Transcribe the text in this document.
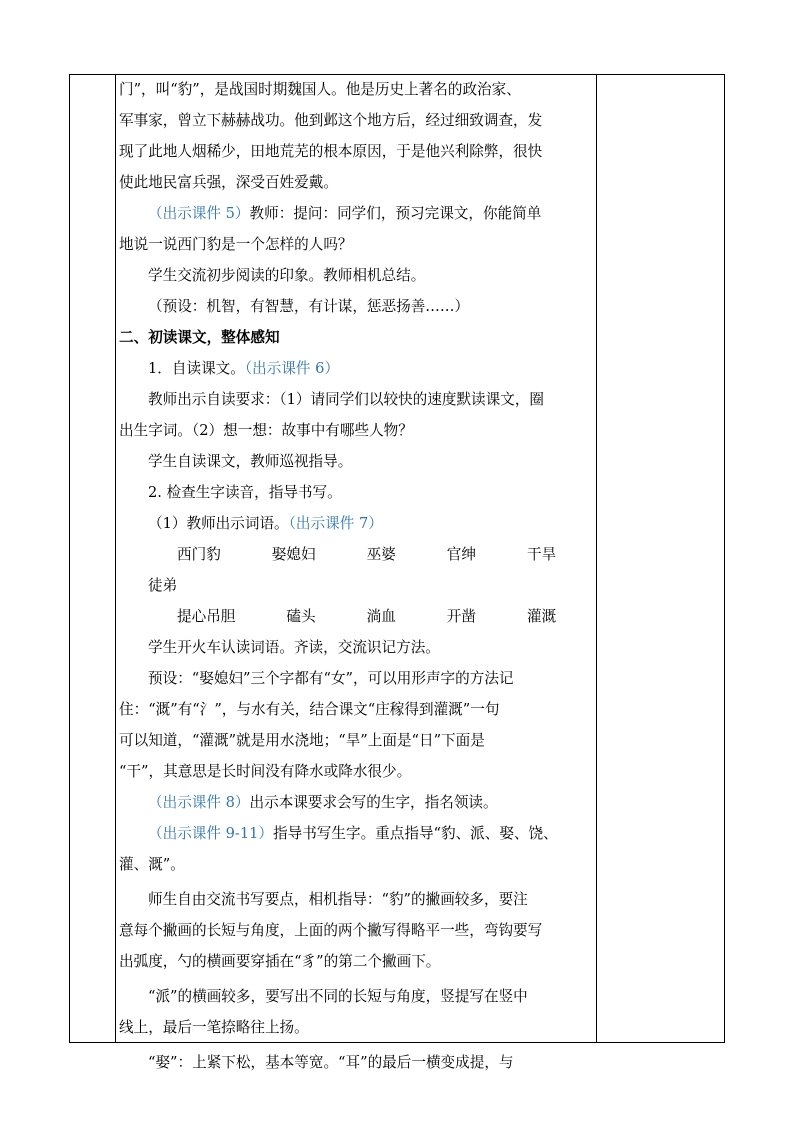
门”，叫“豹”，是战国时期魏国人。他是历史上著名的政治家、

军事家，曾立下赫赫战功。他到邺这个地方后，经过细致调查，发

现了此地人烟稀少，田地荒芜的根本原因，于是他兴利除弊，很快

使此地民富兵强，深受百姓爱戴。

（出示课件 5）教师：提问：同学们，预习完课文，你能简单

地说一说西门豹是一个怎样的人吗？

学生交流初步阅读的印象。教师相机总结。

（预设：机智，有智慧，有计谋，惩恶扬善……）

二、初读课文，整体感知

1．自读课文。（出示课件 6）

教师出示自读要求：（1）请同学们以较快的速度默读课文，圈

出生字词。（2）想一想：故事中有哪些人物？

学生自读课文，教师巡视指导。

2. 检查生字读音，指导书写。

（1）教师出示词语。（出示课件 7）

西门豹	娶媳妇	巫婆	官绅	干旱徒弟

提心吊胆	磕头	淌血	开凿	灌溉

学生开火车认读词语。齐读，交流识记方法。

预设：“娶媳妇”三个字都有“女”，可以用形声字的方法记

住：“溉”有“氵”，与水有关，结合课文“庄稼得到灌溉”一句

可以知道，“灌溉”就是用水浇地；“旱”上面是“日”下面是

“干”，其意思是长时间没有降水或降水很少。

（出示课件 8）出示本课要求会写的生字，指名领读。

（出示课件 9-11）指导书写生字。重点指导“豹、派、娶、饶、

灌、溉”。

师生自由交流书写要点，相机指导：“豹”的撇画较多，要注

意每个撇画的长短与角度，上面的两个撇写得略平一些，弯钩要写

出弧度，勺的横画要穿插在“豸”的第二个撇画下。

“派”的横画较多，要写出不同的长短与角度，竖提写在竖中

线上，最后一笔捺略往上扬。

“娶”：上紧下松，基本等宽。“耳”的最后一横变成提，与
